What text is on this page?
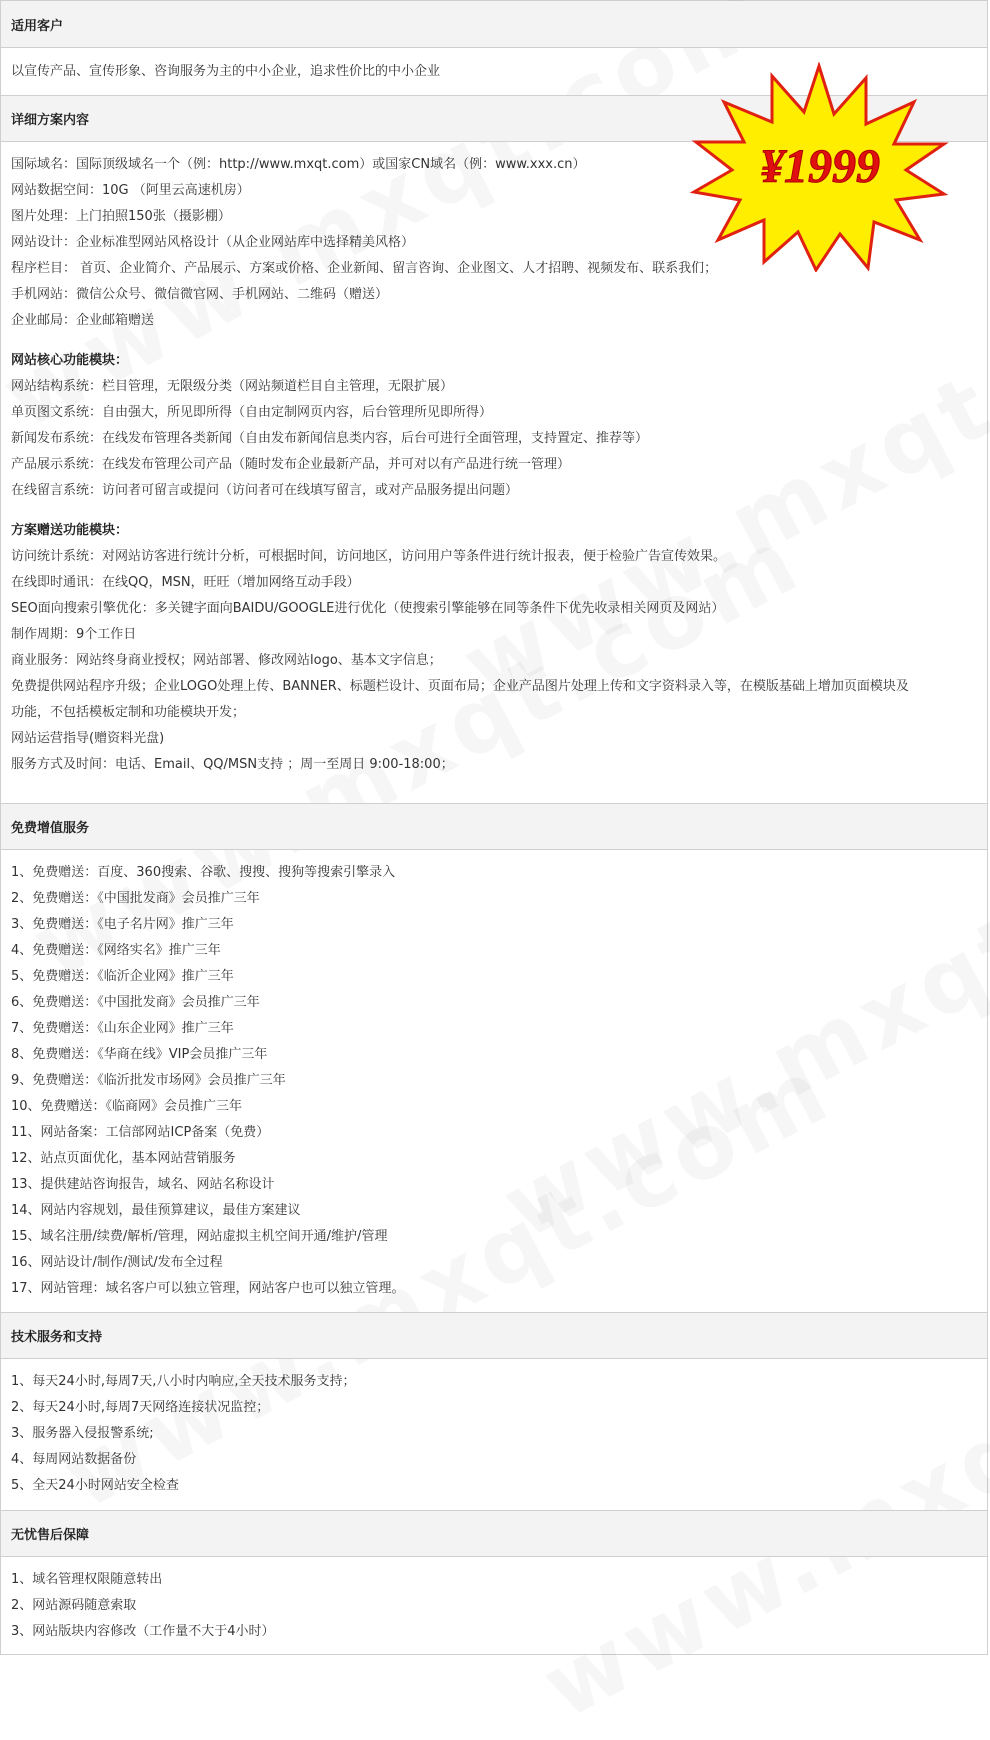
适用客户
以宣传产品、宣传形象、咨询服务为主的中小企业，追求性价比的中小企业
详细方案内容
国际域名：国际顶级域名一个（例：http://www.mxqt.com）或国家CN域名（例：www.xxx.cn）
网站数据空间：10G （阿里云高速机房）
图片处理：上门拍照150张（摄影棚）
网站设计：企业标准型网站风格设计（从企业网站库中选择精美风格）
程序栏目： 首页、企业简介、产品展示、方案或价格、企业新闻、留言咨询、企业图文、人才招聘、视频发布、联系我们；
手机网站：微信公众号、微信微官网、手机网站、二维码（赠送）
企业邮局：企业邮箱赠送
网站核心功能模块：
网站结构系统：栏目管理，无限级分类（网站频道栏目自主管理，无限扩展）
单页图文系统：自由强大，所见即所得（自由定制网页内容，后台管理所见即所得）
新闻发布系统：在线发布管理各类新闻（自由发布新闻信息类内容，后台可进行全面管理，支持置定、推荐等）
产品展示系统：在线发布管理公司产品（随时发布企业最新产品，并可对以有产品进行统一管理）
在线留言系统：访问者可留言或提问（访问者可在线填写留言，或对产品服务提出问题）
方案赠送功能模块：
访问统计系统：对网站访客进行统计分析，可根据时间，访问地区，访问用户等条件进行统计报表，便于检验广告宣传效果。
在线即时通讯：在线QQ，MSN，旺旺（增加网络互动手段）
SEO面向搜索引擎优化：多关键字面向BAIDU/GOOGLE进行优化（使搜索引擎能够在同等条件下优先收录相关网页及网站）
制作周期：9个工作日
商业服务：网站终身商业授权；网站部署、修改网站logo、基本文字信息；
免费提供网站程序升级；企业LOGO处理上传、BANNER、标题栏设计、页面布局；企业产品图片处理上传和文字资料录入等，在模版基础上增加页面模块及
功能，不包括模板定制和功能模块开发；
网站运营指导(赠资料光盘)
服务方式及时间：电话、Email、QQ/MSN支持 ；周一至周日 9:00-18:00；
免费增值服务
1、免费赠送：百度、360搜索、谷歌、搜搜、搜狗等搜索引擎录入
2、免费赠送：《中国批发商》会员推广三年
3、免费赠送：《电子名片网》推广三年
4、免费赠送：《网络实名》推广三年
5、免费赠送：《临沂企业网》推广三年
6、免费赠送：《中国批发商》会员推广三年
7、免费赠送：《山东企业网》推广三年
8、免费赠送：《华商在线》VIP会员推广三年
9、免费赠送：《临沂批发市场网》会员推广三年
10、免费赠送：《临商网》会员推广三年
11、网站备案：工信部网站ICP备案（免费）
12、站点页面优化，基本网站营销服务
13、提供建站咨询报告，域名、网站名称设计
14、网站内容规划，最佳预算建议，最佳方案建议
15、域名注册/续费/解析/管理，网站虚拟主机空间开通/维护/管理
16、网站设计/制作/测试/发布全过程
17、网站管理：域名客户可以独立管理，网站客户也可以独立管理。
技术服务和支持
1、每天24小时,每周7天,八小时内响应,全天技术服务支持；
2、每天24小时,每周7天网络连接状况监控；
3、服务器入侵报警系统;
4、每周网站数据备份
5、全天24小时网站安全检查
无忧售后保障
1、域名管理权限随意转出
2、网站源码随意索取
3、网站版块内容修改（工作量不大于4小时）
¥1999
